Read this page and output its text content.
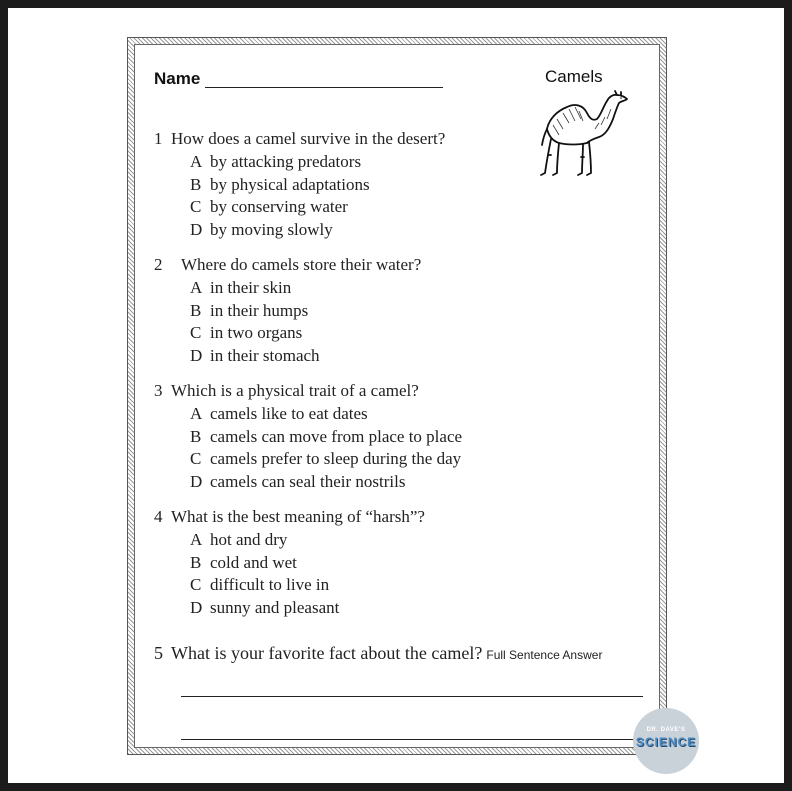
Name	Camels
1 How does a camel survive in the desert?
A by attacking predators
B by physical adaptations
C by conserving water
D by moving slowly
2 Where do camels store their water?
A in their skin
B in their humps
C in two organs
D in their stomach
3 Which is a physical trait of a camel?
A camels like to eat dates
B camels can move from place to place
C camels prefer to sleep during the day
D camels can seal their nostrils
4 What is the best meaning of “harsh”?
A hot and dry
B cold and wet
C difficult to live in
D sunny and pleasant
5 What is your favorite fact about the camel? Full Sentence Answer
DR. DAVE'S
SCIENCE
